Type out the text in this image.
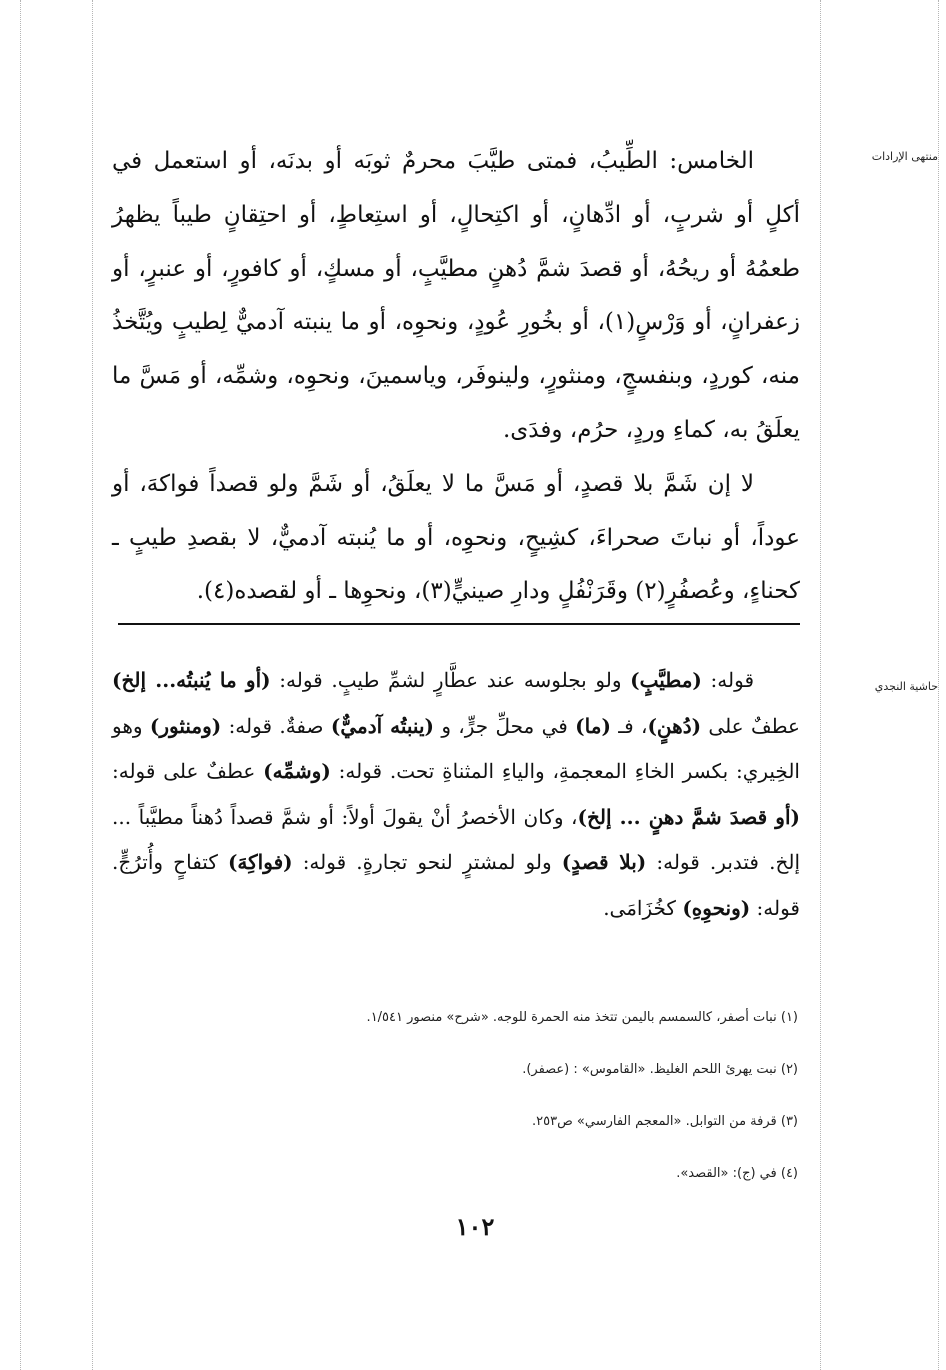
منتهى الإرادات
حاشية النجدي

الخامس: الطِّيبُ، فمتى طيَّبَ محرمٌ ثوبَه أو بدنَه، أو استعمل في أكلٍ أو شربٍ، أو ادِّهانٍ، أو اكتِحالٍ، أو استِعاطٍ، أو احتِقانٍ طيباً يظهرُ طعمُهُ أو ريحُهُ، أو قصدَ شمَّ دُهنٍ مطيَّبٍ، أو مسكٍ، أو كافورٍ، أو عنبرٍ، أو زعفرانٍ، أو وَرْسٍ(١)، أو بخُورِ عُودٍ، ونحوِه، أو ما ينبته آدميٌّ لِطيبٍ ويُتَّخذُ منه، كوردٍ، وبنفسجٍ، ومنثورٍ، ولينوفَر، وياسمينَ، ونحوِه، وشمِّه، أو مَسَّ ما يعلَقُ به، كماءِ وردٍ، حرُم، وفدَى.

لا إن شَمَّ بلا قصدٍ، أو مَسَّ ما لا يعلَقُ، أو شَمَّ ولو قصداً فواكهَ، أو عوداً، أو نباتَ صحراءَ، كشِيحٍ، ونحوِه، أو ما يُنبته آدميٌّ، لا بقصدِ طيبٍ ـ كحناءٍ، وعُصفُرٍ(٢) وقَرَنْفُلٍ ودارِ صينيٍّ(٣)، ونحوِها ـ أو لقصده(٤).

قوله: (مطيَّبٍ) ولو بجلوسه عند عطَّارٍ لشمِّ طيبٍ. قوله: (أو ما يُنبتُه... إلخ) عطفٌ على (دُهنٍ)، فـ (ما) في محلِّ جرٍّ، و (ينبتُه آدميٌّ) صفةٌ. قوله: (ومنثور) وهو الخِيري: بكسر الخاءِ المعجمةِ، والياءِ المثناةِ تحت. قوله: (وشمِّه) عطفٌ على قوله: (أو قصدَ شمَّ دهنٍ ... إلخ)، وكان الأخصرُ أنْ يقولَ أولاً: أو شمَّ قصداً دُهناً مطيَّباً ... إلخ. فتدبر. قوله: (بلا قصدٍ) ولو لمشترٍ لنحو تجارةٍ. قوله: (فواكِهَ) كتفاحٍ وأُترُجٍّ. قوله: (ونحوِهِ) كخُزَامَى.

(١) نبات أصفر، كالسمسم باليمن تتخذ منه الحمرة للوجه. «شرح» منصور ١/٥٤١.
(٢) نبت يهرئ اللحم الغليظ. «القاموس» : (عصفر).
(٣) قرفة من التوابل. «المعجم الفارسي» ص٢٥٣.
(٤) في (ج): «القصد».
١٠٢
